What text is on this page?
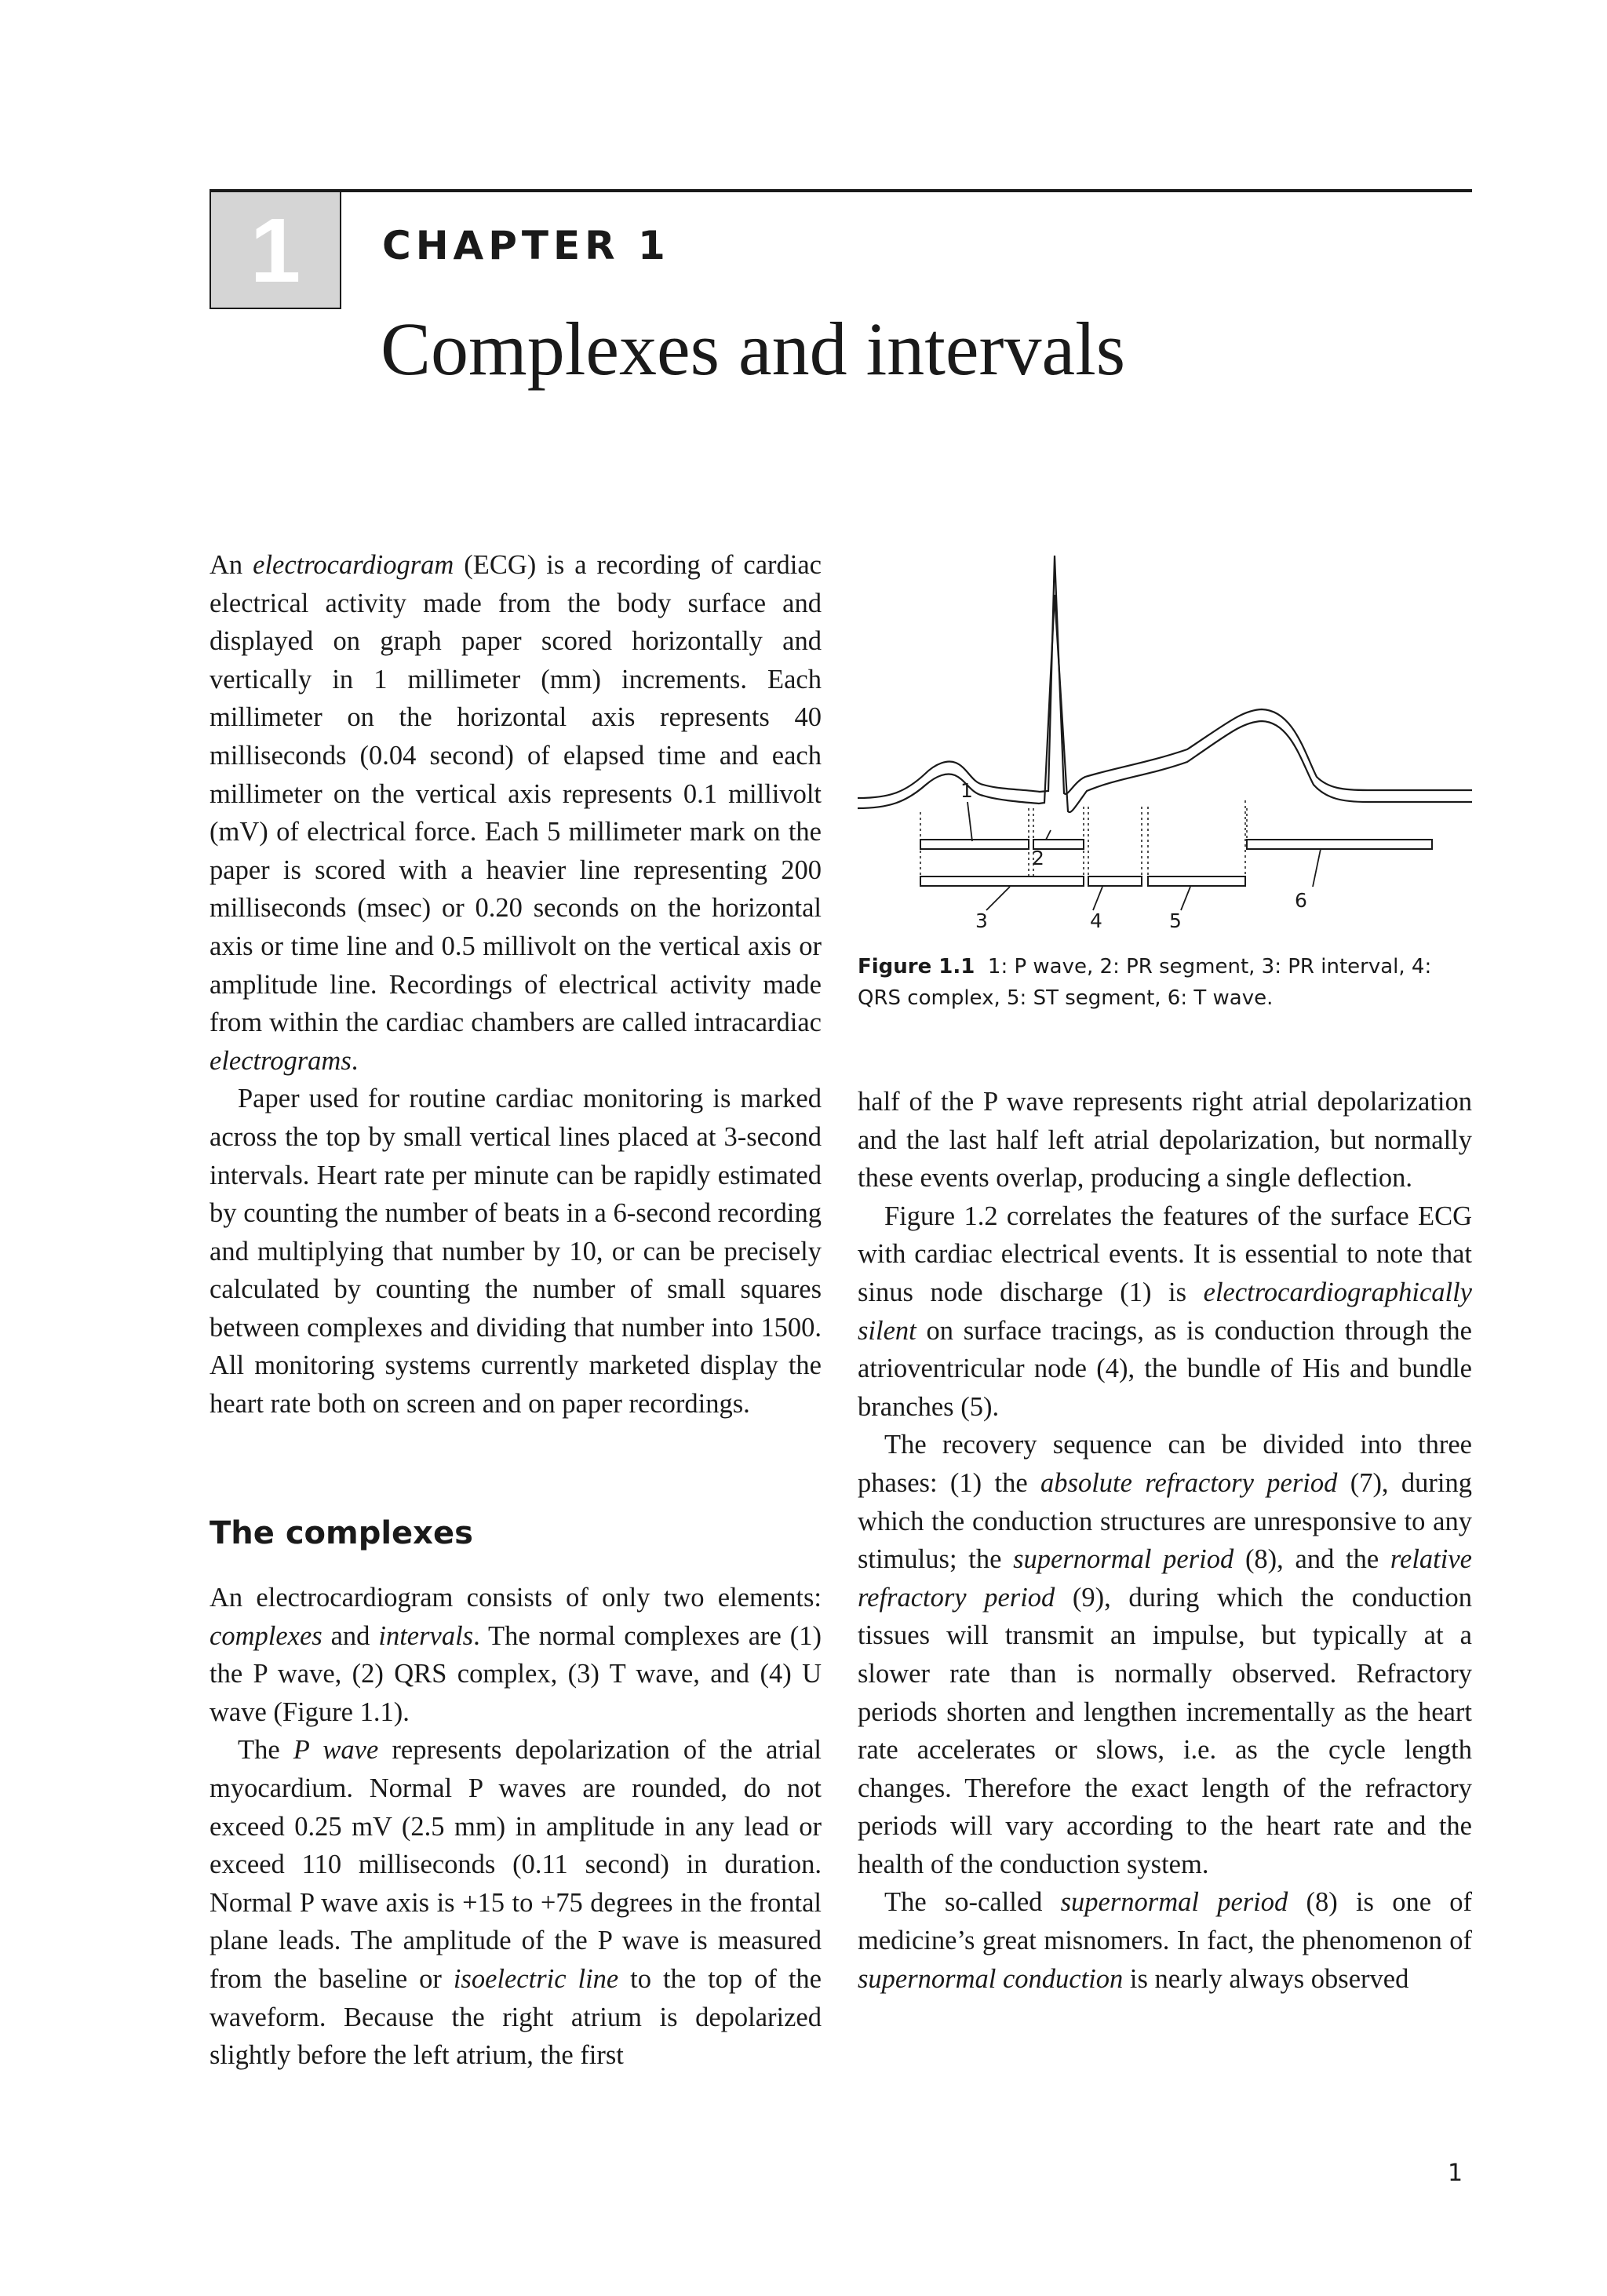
1 CHAPTER 1
Complexes and intervals

An electrocardiogram (ECG) is a recording of cardiac electrical activity made from the body surface and displayed on graph paper scored horizontally and vertically in 1 millimeter (mm) increments. Each millimeter on the horizontal axis represents 40 milliseconds (0.04 second) of elapsed time and each millimeter on the vertical axis represents 0.1 millivolt (mV) of electrical force. Each 5 millimeter mark on the paper is scored with a heavier line representing 200 milliseconds (msec) or 0.20 seconds on the horizontal axis or time line and 0.5 millivolt on the vertical axis or amplitude line. Recordings of electrical activity made from within the cardiac chambers are called intracardiac electrograms.

Paper used for routine cardiac monitoring is marked across the top by small vertical lines placed at 3-second intervals. Heart rate per minute can be rapidly estimated by counting the number of beats in a 6-second recording and multiplying that number by 10, or can be precisely calculated by counting the number of small squares between complexes and dividing that number into 1500. All monitoring systems currently marketed display the heart rate both on screen and on paper recordings.

The complexes

An electrocardiogram consists of only two elements: complexes and intervals. The normal complexes are (1) the P wave, (2) QRS complex, (3) T wave, and (4) U wave (Figure 1.1).

The P wave represents depolarization of the atrial myocardium. Normal P waves are rounded, do not exceed 0.25 mV (2.5 mm) in amplitude in any lead or exceed 110 milliseconds (0.11 second) in duration. Normal P wave axis is +15 to +75 degrees in the frontal plane leads. The amplitude of the P wave is measured from the baseline or isoelectric line to the top of the waveform. Because the right atrium is depolarized slightly before the left atrium, the first

1
2
3	4	5
6
Figure 1.1 1: P wave, 2: PR segment, 3: PR interval, 4: QRS complex, 5: ST segment, 6: T wave.

half of the P wave represents right atrial depolarization and the last half left atrial depolarization, but normally these events overlap, producing a single deflection.

Figure 1.2 correlates the features of the surface ECG with cardiac electrical events. It is essential to note that sinus node discharge (1) is electrocardiographically silent on surface tracings, as is conduction through the atrioventricular node (4), the bundle of His and bundle branches (5).

The recovery sequence can be divided into three phases: (1) the absolute refractory period (7), during which the conduction structures are unresponsive to any stimulus; the supernormal period (8), and the relative refractory period (9), during which the conduction tissues will transmit an impulse, but typically at a slower rate than is normally observed. Refractory periods shorten and lengthen incrementally as the heart rate accelerates or slows, i.e. as the cycle length changes. Therefore the exact length of the refractory periods will vary according to the heart rate and the health of the conduction system.

The so-called supernormal period (8) is one of medicine’s great misnomers. In fact, the phenomenon of supernormal conduction is nearly always observed

1
